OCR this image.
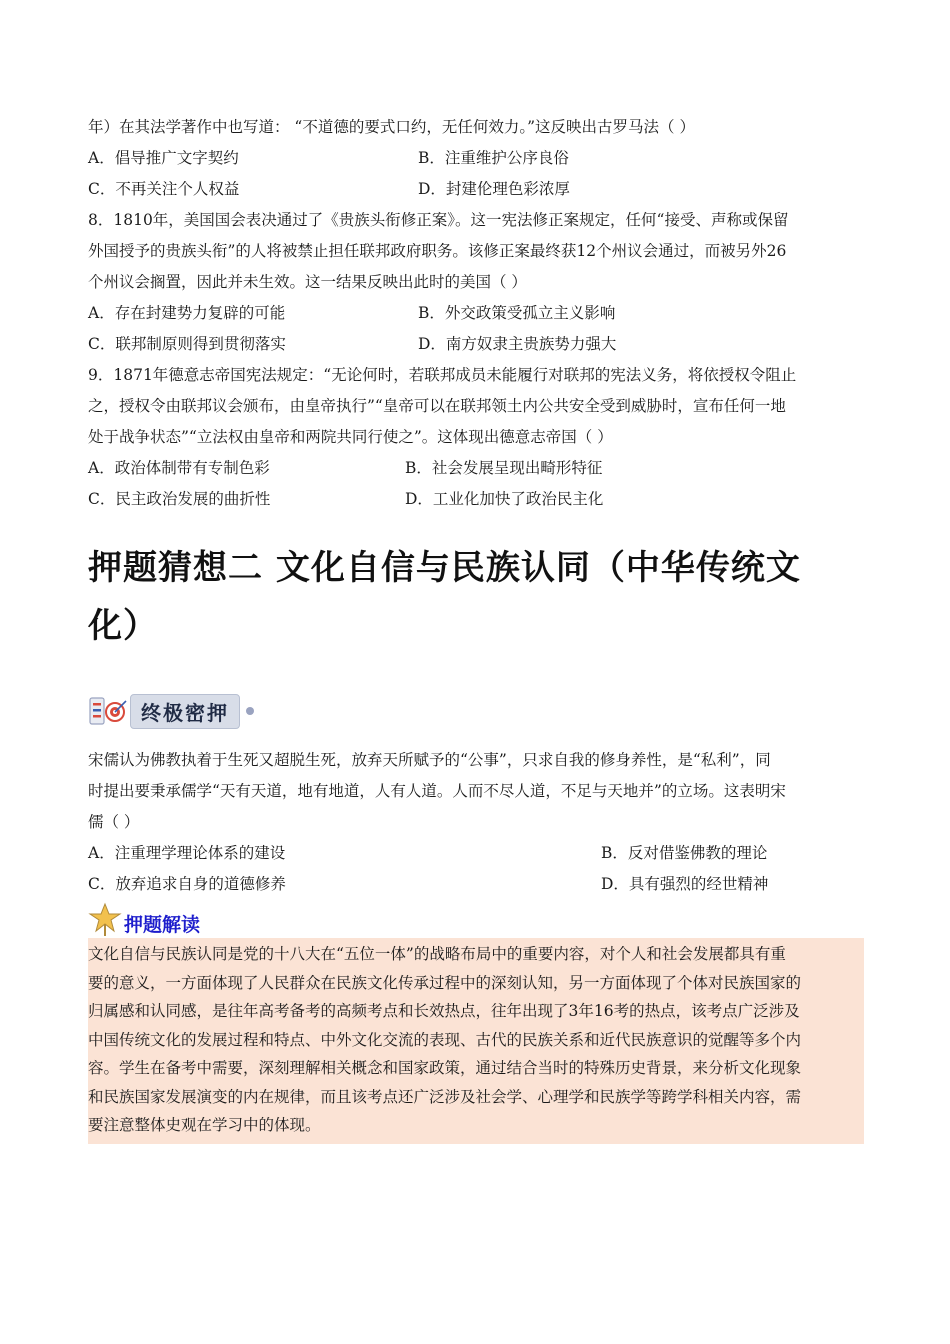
年）在其法学著作中也写道： “不道德的要式口约，无任何效力。”这反映出古罗马法（ ）
A．倡导推广文字契约	B．注重维护公序良俗
C．不再关注个人权益	D．封建伦理色彩浓厚
8．1810年，美国国会表决通过了《贵族头衔修正案》。这一宪法修正案规定，任何“接受、声称或保留
外国授予的贵族头衔”的人将被禁止担任联邦政府职务。该修正案最终获12个州议会通过，而被另外26
个州议会搁置，因此并未生效。这一结果反映出此时的美国（ ）
A．存在封建势力复辟的可能	B．外交政策受孤立主义影响
C．联邦制原则得到贯彻落实	D．南方奴隶主贵族势力强大
9．1871年德意志帝国宪法规定：“无论何时，若联邦成员未能履行对联邦的宪法义务，将依授权令阻止
之，授权令由联邦议会颁布，由皇帝执行”“皇帝可以在联邦领土内公共安全受到威胁时，宣布任何一地
处于战争状态”“立法权由皇帝和两院共同行使之”。这体现出德意志帝国（ ）
A．政治体制带有专制色彩	B．社会发展呈现出畸形特征
C．民主政治发展的曲折性	D．工业化加快了政治民主化
押题猜想二 文化自信与民族认同（中华传统文
化）
终极密押
宋儒认为佛教执着于生死又超脱生死，放弃天所赋予的“公事”，只求自我的修身养性，是“私利”，同
时提出要秉承儒学“天有天道，地有地道，人有人道。人而不尽人道，不足与天地并”的立场。这表明宋
儒（ ）
A．注重理学理论体系的建设	B．反对借鉴佛教的理论
C．放弃追求自身的道德修养	D．具有强烈的经世精神
押题解读
文化自信与民族认同是党的十八大在“五位一体”的战略布局中的重要内容，对个人和社会发展都具有重
要的意义，一方面体现了人民群众在民族文化传承过程中的深刻认知，另一方面体现了个体对民族国家的
归属感和认同感，是往年高考备考的高频考点和长效热点，往年出现了3年16考的热点，该考点广泛涉及
中国传统文化的发展过程和特点、中外文化交流的表现、古代的民族关系和近代民族意识的觉醒等多个内
容。学生在备考中需要，深刻理解相关概念和国家政策，通过结合当时的特殊历史背景，来分析文化现象
和民族国家发展演变的内在规律，而且该考点还广泛涉及社会学、心理学和民族学等跨学科相关内容，需
要注意整体史观在学习中的体现。
